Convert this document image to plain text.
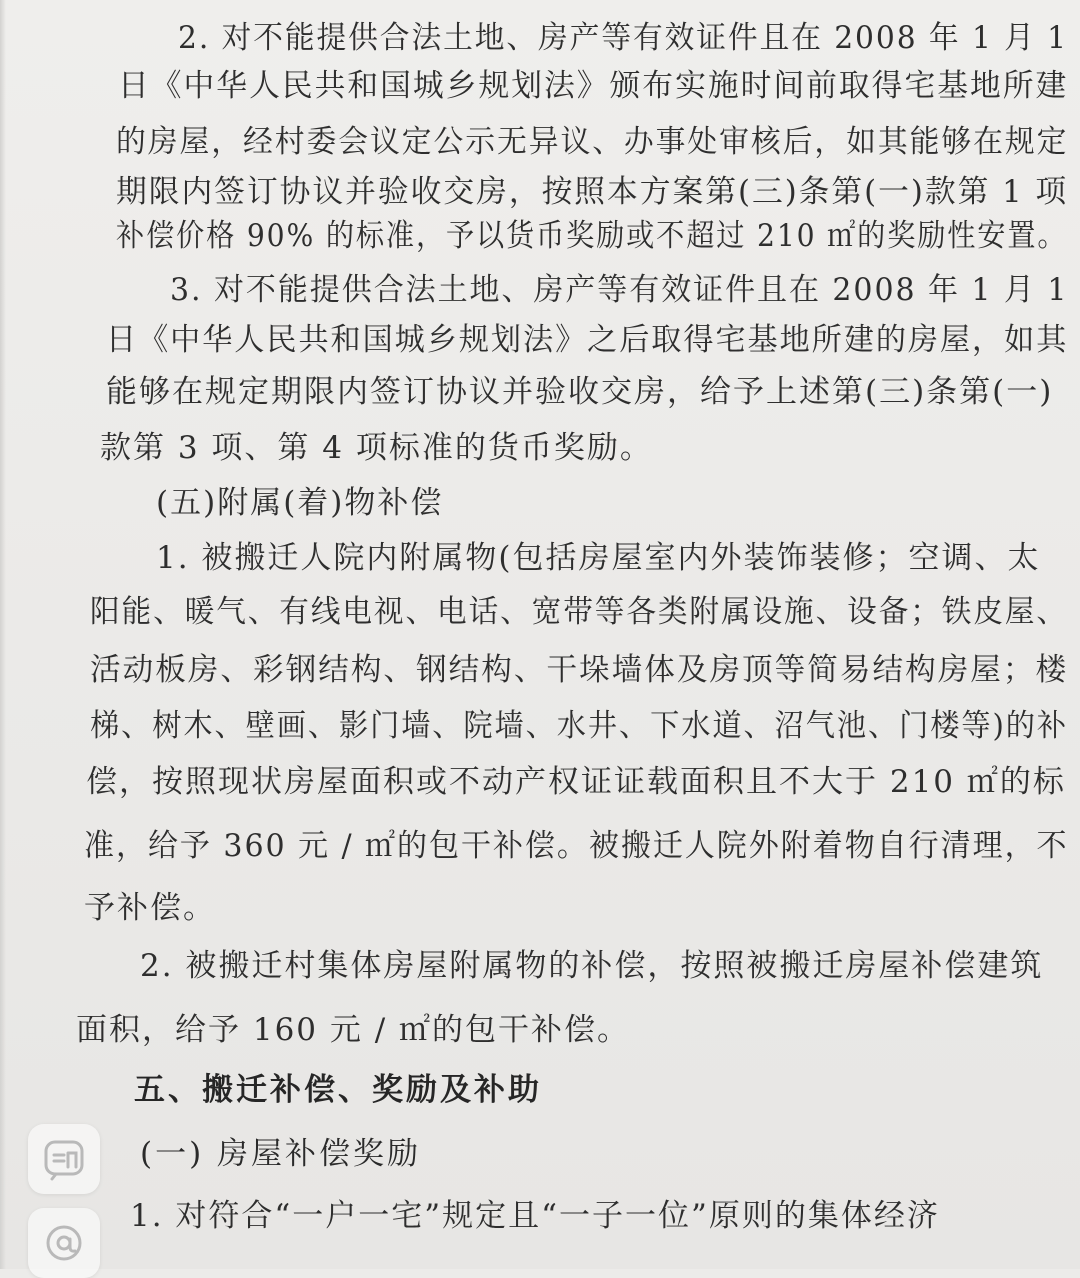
2. 对不能提供合法土地、房产等有效证件且在 2008 年 1 月 1
日《中华人民共和国城乡规划法》颁布实施时间前取得宅基地所建
的房屋，经村委会议定公示无异议、办事处审核后，如其能够在规定
期限内签订协议并验收交房，按照本方案第(三)条第(一)款第 1 项
补偿价格 90% 的标准，予以货币奖励或不超过 210 ㎡的奖励性安置。
3. 对不能提供合法土地、房产等有效证件且在 2008 年 1 月 1
日《中华人民共和国城乡规划法》之后取得宅基地所建的房屋，如其
能够在规定期限内签订协议并验收交房，给予上述第(三)条第(一)
款第 3 项、第 4 项标准的货币奖励。
(五)附属(着)物补偿
1. 被搬迁人院内附属物(包括房屋室内外装饰装修；空调、太
阳能、暖气、有线电视、电话、宽带等各类附属设施、设备；铁皮屋、
活动板房、彩钢结构、钢结构、干垛墙体及房顶等简易结构房屋；楼
梯、树木、壁画、影门墙、院墙、水井、下水道、沼气池、门楼等)的补
偿，按照现状房屋面积或不动产权证证载面积且不大于 210 ㎡的标
准，给予 360 元 / ㎡的包干补偿。被搬迁人院外附着物自行清理，不
予补偿。
2. 被搬迁村集体房屋附属物的补偿，按照被搬迁房屋补偿建筑
面积，给予 160 元 / ㎡的包干补偿。
五、搬迁补偿、奖励及补助
(一) 房屋补偿奖励
1. 对符合“一户一宅”规定且“一子一位”原则的集体经济
